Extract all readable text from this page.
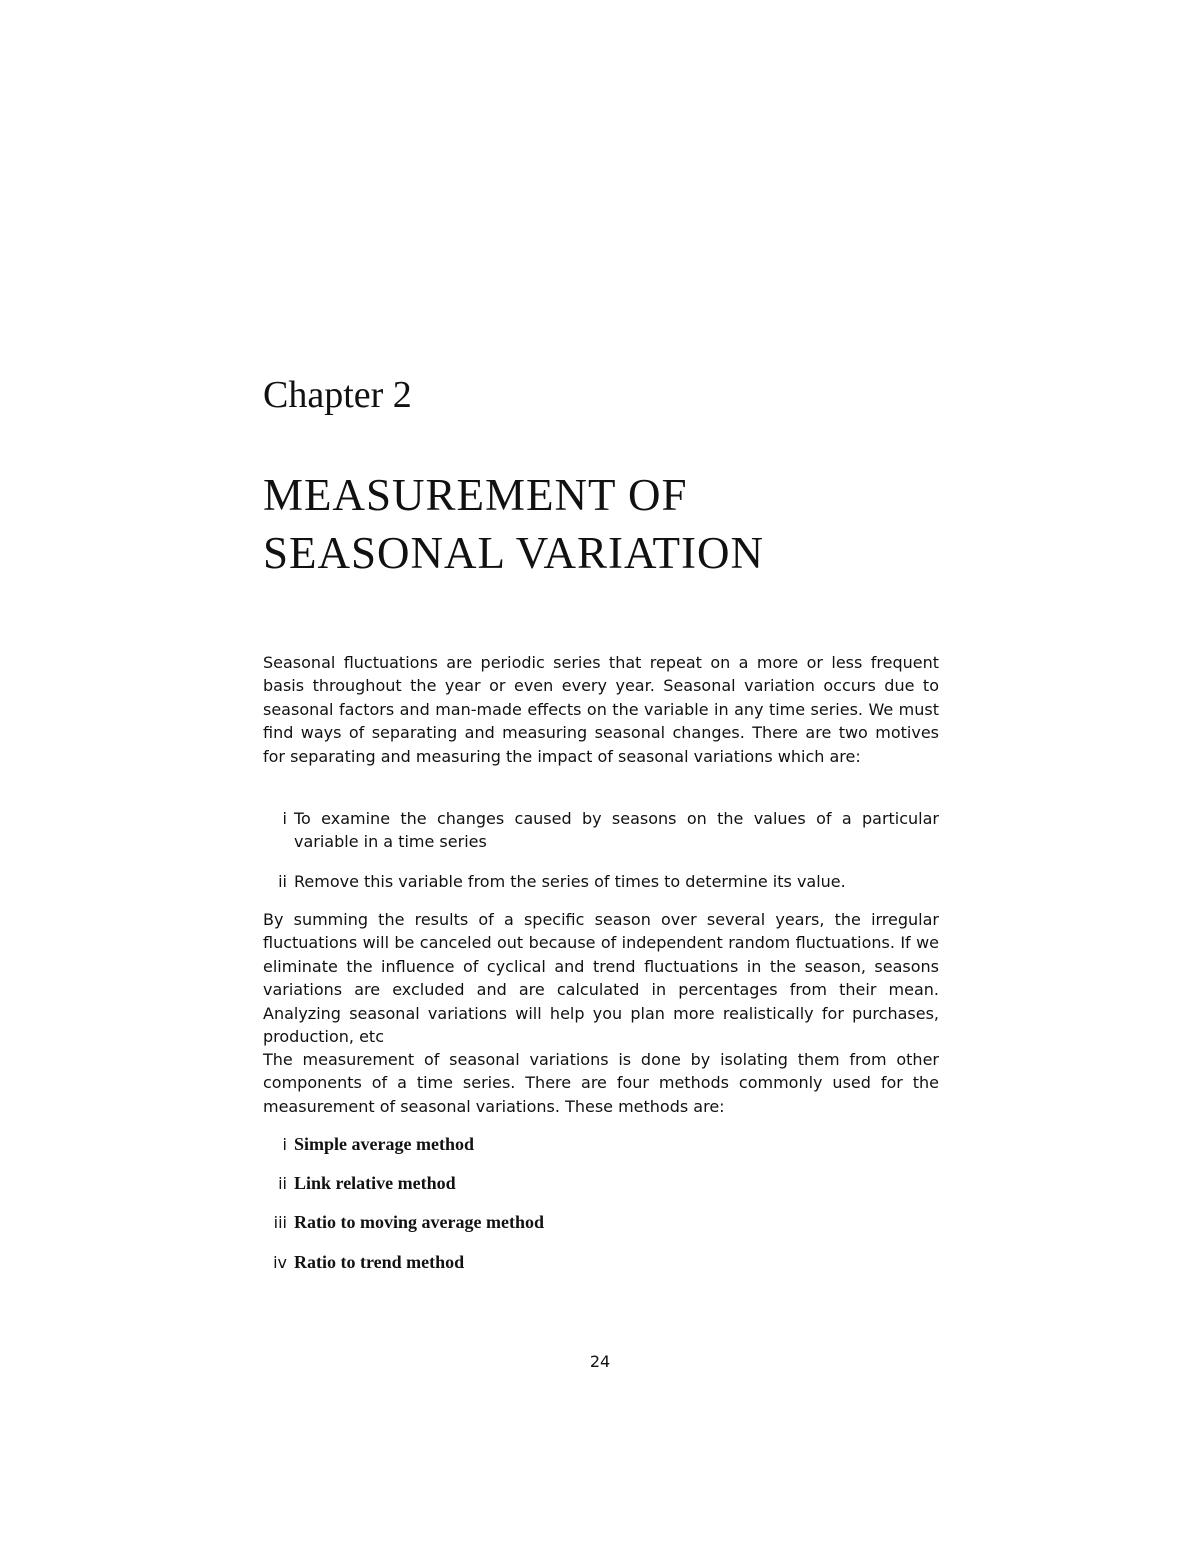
Chapter 2
MEASUREMENT OF
SEASONAL VARIATION

Seasonal fluctuations are periodic series that repeat on a more or less frequent basis throughout the year or even every year. Seasonal variation occurs due to seasonal factors and man-made effects on the variable in any time series. We must find ways of separating and measuring seasonal changes. There are two motives for separating and measuring the impact of seasonal variations which are:

i To examine the changes caused by seasons on the values of a particular variable in a time series
ii Remove this variable from the series of times to determine its value.

By summing the results of a specific season over several years, the irregular fluctuations will be canceled out because of independent random fluctuations. If we eliminate the influence of cyclical and trend fluctuations in the season, seasons variations are excluded and are calculated in percentages from their mean. Analyzing seasonal variations will help you plan more realistically for purchases, production, etc

The measurement of seasonal variations is done by isolating them from other components of a time series. There are four methods commonly used for the measurement of seasonal variations. These methods are:

i Simple average method
ii Link relative method
iii Ratio to moving average method
iv Ratio to trend method
24
